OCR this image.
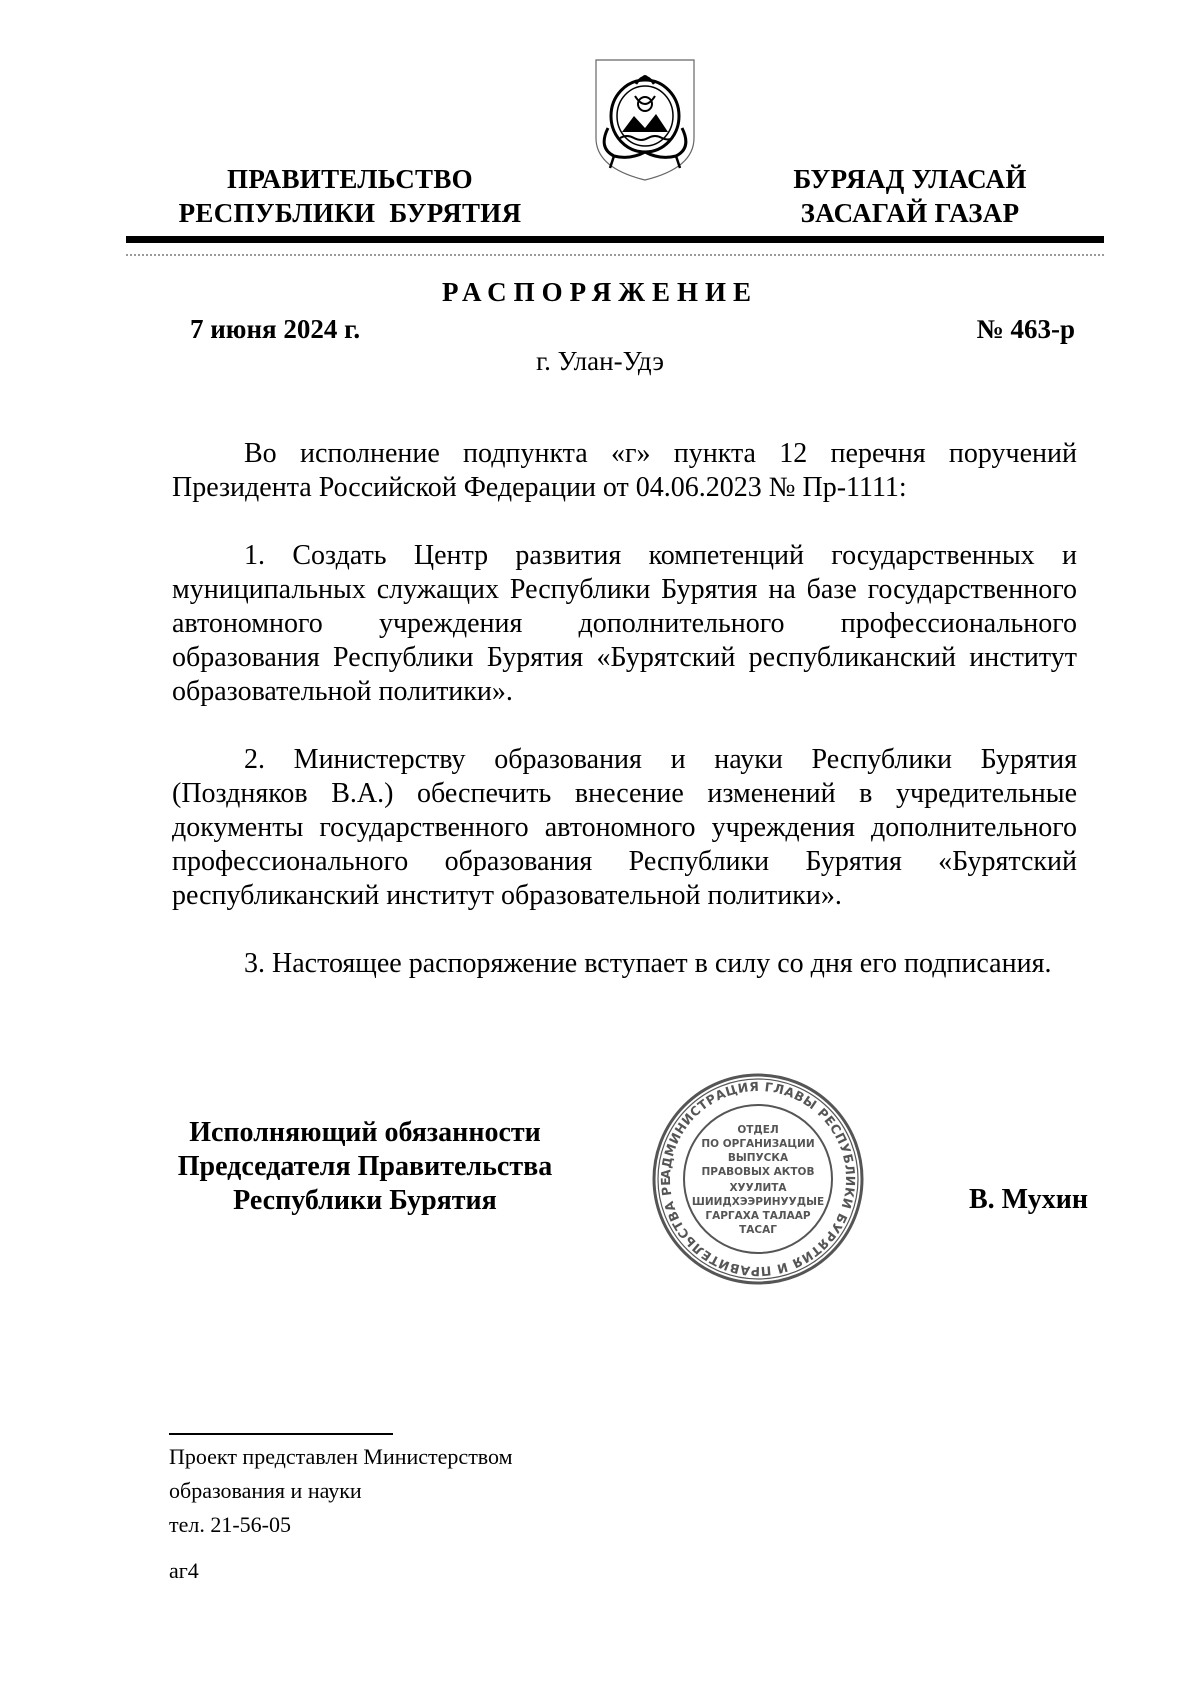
ПРАВИТЕЛЬСТВО
РЕСПУБЛИКИ  БУРЯТИЯ
БУРЯАД УЛАСАЙ
ЗАСАГАЙ ГАЗАР
РАСПОРЯЖЕНИЕ
7 июня 2024 г.	№ 463-р
г. Улан-Удэ

Во исполнение подпункта «г» пункта 12 перечня поручений Президента Российской Федерации от 04.06.2023 № Пр-1111:

1. Создать Центр развития компетенций государственных и муниципальных служащих Республики Бурятия на базе государственного автономного учреждения дополнительного профессионального образования Республики Бурятия «Бурятский республиканский институт образовательной политики».

2. Министерству образования и науки Республики Бурятия (Поздняков В.А.) обеспечить внесение изменений в учредительные документы государственного автономного учреждения дополнительного профессионального образования Республики Бурятия «Бурятский республиканский институт образовательной политики».

3. Настоящее распоряжение вступает в силу со дня его подписания.

Исполняющий обязанности
Председателя Правительства
Республики Бурятия
АДМИНИСТРАЦИЯ ГЛАВЫ РЕСПУБЛИКИ БУРЯТИЯ И ПРАВИТЕЛЬСТВА РЕ
ОТДЕЛ
ПО ОРГАНИЗАЦИИ
ВЫПУСКА
ПРАВОВЫХ АКТОВ
ХУУЛИТА
ШИИДХЭЭРИНУУДЫЕ
ГАРГАХА ТАЛААР
ТАСАГ
В. Мухин
Проект представлен Министерством
образования и науки
тел. 21-56-05
аг4
